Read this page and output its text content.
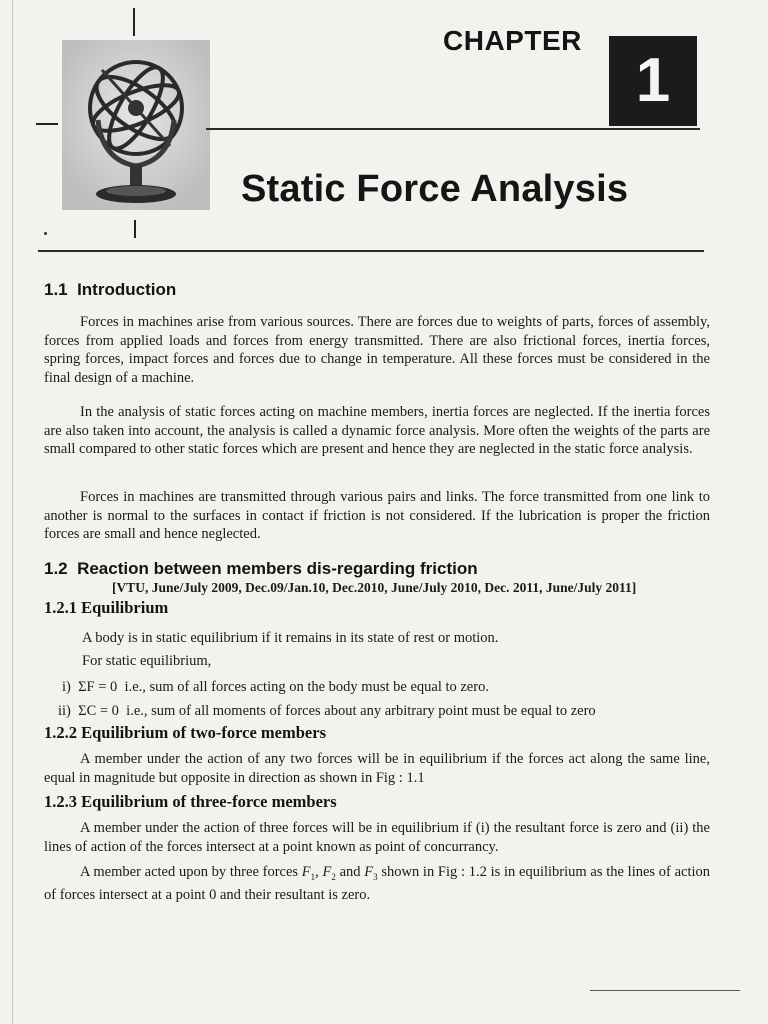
CHAPTER
1
Static Force Analysis
1.1  Introduction
Forces in machines arise from various sources. There are forces due to weights of parts, forces of assembly, forces from applied loads and forces from energy transmitted. There are also frictional forces, inertia forces, spring forces, impact forces and forces due to change in temperature. All these forces must be considered in the final design of a machine.
In the analysis of static forces acting on machine members, inertia forces are neglected. If the inertia forces are also taken into account, the analysis is called a dynamic force analysis. More often the weights of the parts are small compared to other static forces which are present and hence they are neglected in the static force analysis.
Forces in machines are transmitted through various pairs and links. The force transmitted from one link to another is normal to the surfaces in contact if friction is not considered. If the lubrication is proper the friction forces are small and hence neglected.
1.2  Reaction between members dis-regarding friction
[VTU, June/July 2009, Dec.09/Jan.10, Dec.2010, June/July 2010, Dec. 2011, June/July 2011]
1.2.1 Equilibrium
A body is in static equilibrium if it remains in its state of rest or motion.
For static equilibrium,
i)  ΣF = 0  i.e., sum of all forces acting on the body must be equal to zero.
ii)  ΣC = 0  i.e., sum of all moments of forces about any arbitrary point must be equal to zero
1.2.2 Equilibrium of two-force members
A member under the action of any two forces will be in equilibrium if the forces act along the same line, equal in magnitude but opposite in direction as shown in Fig : 1.1
1.2.3 Equilibrium of three-force members
A member under the action of three forces will be in equilibrium if (i) the resultant force is zero and (ii) the lines of action of the forces intersect at a point known as point of concurrancy.
A member acted upon by three forces $F_1$, $F_2$ and $F_3$ shown in Fig : 1.2 is in equilibrium as the lines of action of forces intersect at a point 0 and their resultant is zero.
